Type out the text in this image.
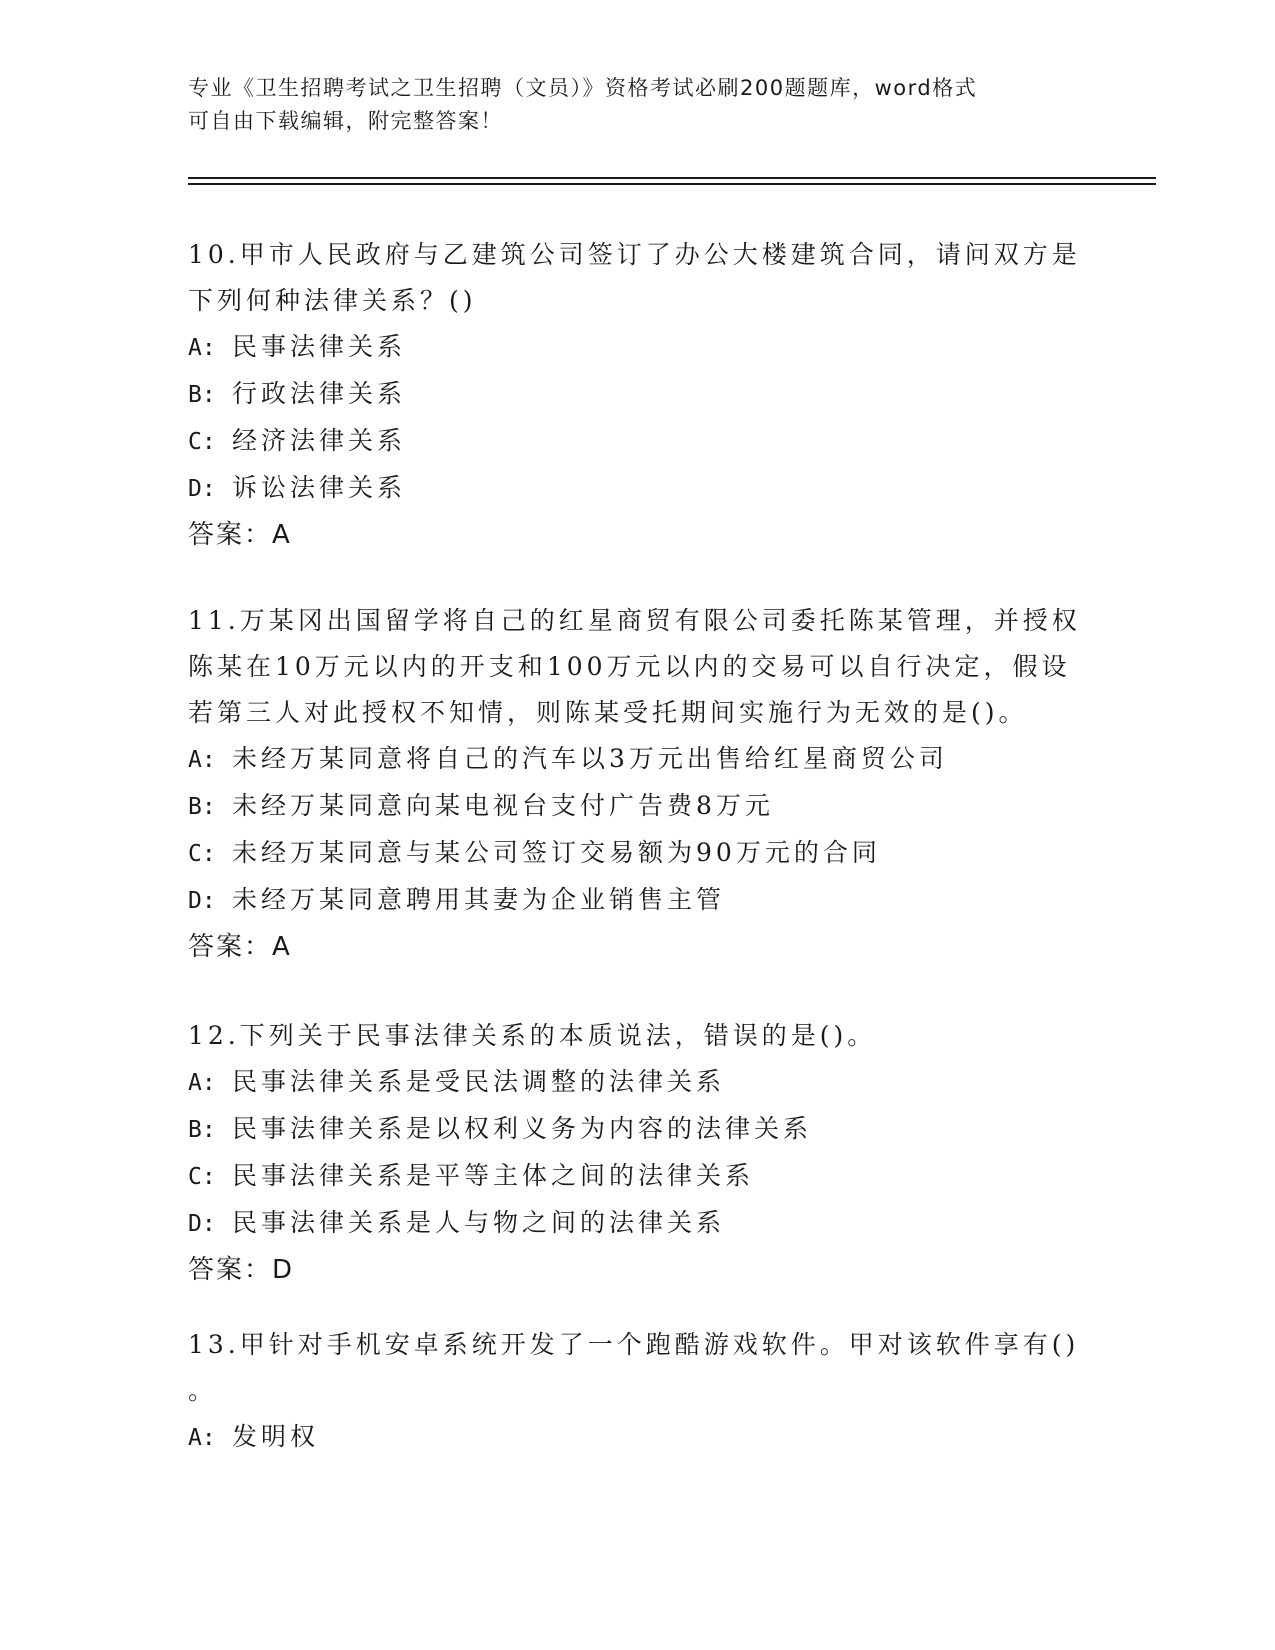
专业《卫生招聘考试之卫生招聘（文员）》资格考试必刷200题题库，word格式
可自由下载编辑，附完整答案！
10.甲市人民政府与乙建筑公司签订了办公大楼建筑合同，请问双方是
下列何种法律关系？()
A: 民事法律关系
B: 行政法律关系
C: 经济法律关系
D: 诉讼法律关系
答案：A
11.万某冈出国留学将自己的红星商贸有限公司委托陈某管理，并授权
陈某在10万元以内的开支和100万元以内的交易可以自行决定，假设
若第三人对此授权不知情，则陈某受托期间实施行为无效的是()。
A: 未经万某同意将自己的汽车以3万元出售给红星商贸公司
B: 未经万某同意向某电视台支付广告费8万元
C: 未经万某同意与某公司签订交易额为90万元的合同
D: 未经万某同意聘用其妻为企业销售主管
答案：A
12.下列关于民事法律关系的本质说法，错误的是()。
A: 民事法律关系是受民法调整的法律关系
B: 民事法律关系是以权利义务为内容的法律关系
C: 民事法律关系是平等主体之间的法律关系
D: 民事法律关系是人与物之间的法律关系
答案：D
13.甲针对手机安卓系统开发了一个跑酷游戏软件。甲对该软件享有()
。
A: 发明权
